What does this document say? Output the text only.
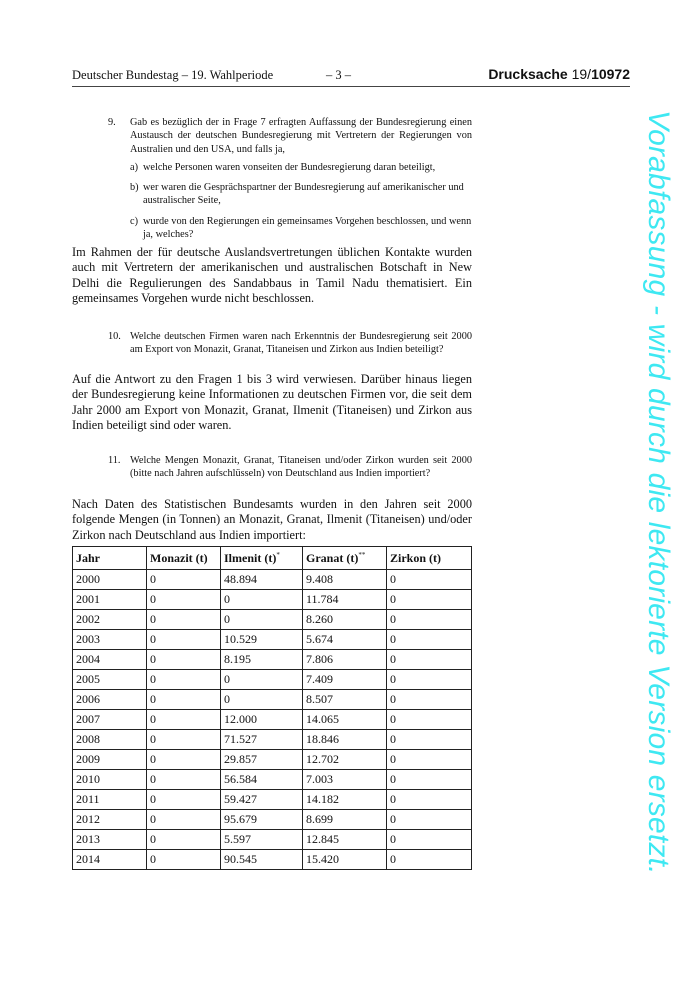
Deutscher Bundestag – 19. Wahlperiode	– 3 –	Drucksache 19/10972
9. Gab es bezüglich der in Frage 7 erfragten Auffassung der Bundesregierung einen Austausch der deutschen Bundesregierung mit Vertretern der Regierungen von Australien und den USA, und falls ja,
a) welche Personen waren vonseiten der Bundesregierung daran beteiligt,
b) wer waren die Gesprächspartner der Bundesregierung auf amerikanischer und australischer Seite,
c) wurde von den Regierungen ein gemeinsames Vorgehen beschlossen, und wenn ja, welches?
Im Rahmen der für deutsche Auslandsvertretungen üblichen Kontakte wurden auch mit Vertretern der amerikanischen und australischen Botschaft in New Delhi die Regulierungen des Sandabbaus in Tamil Nadu thematisiert. Ein gemeinsames Vorgehen wurde nicht beschlossen.
10. Welche deutschen Firmen waren nach Erkenntnis der Bundesregierung seit 2000 am Export von Monazit, Granat, Titaneisen und Zirkon aus Indien beteiligt?
Auf die Antwort zu den Fragen 1 bis 3 wird verwiesen. Darüber hinaus liegen der Bundesregierung keine Informationen zu deutschen Firmen vor, die seit dem Jahr 2000 am Export von Monazit, Granat, Ilmenit (Titaneisen) und Zirkon aus Indien beteiligt sind oder waren.
11. Welche Mengen Monazit, Granat, Titaneisen und/oder Zirkon wurden seit 2000 (bitte nach Jahren aufschlüsseln) von Deutschland aus Indien importiert?
Nach Daten des Statistischen Bundesamts wurden in den Jahren seit 2000 folgende Mengen (in Tonnen) an Monazit, Granat, Ilmenit (Titaneisen) und/oder Zirkon nach Deutschland aus Indien importiert:
Jahr	Monazit (t)	Ilmenit (t)*	Granat (t)**	Zirkon (t)
2000	0	48.894	9.408	0
2001	0	0	11.784	0
2002	0	0	8.260	0
2003	0	10.529	5.674	0
2004	0	8.195	7.806	0
2005	0	0	7.409	0
2006	0	0	8.507	0
2007	0	12.000	14.065	0
2008	0	71.527	18.846	0
2009	0	29.857	12.702	0
2010	0	56.584	7.003	0
2011	0	59.427	14.182	0
2012	0	95.679	8.699	0
2013	0	5.597	12.845	0
2014	0	90.545	15.420	0	Vorabfassung - wird durch die lektorierte Version ersetzt.
